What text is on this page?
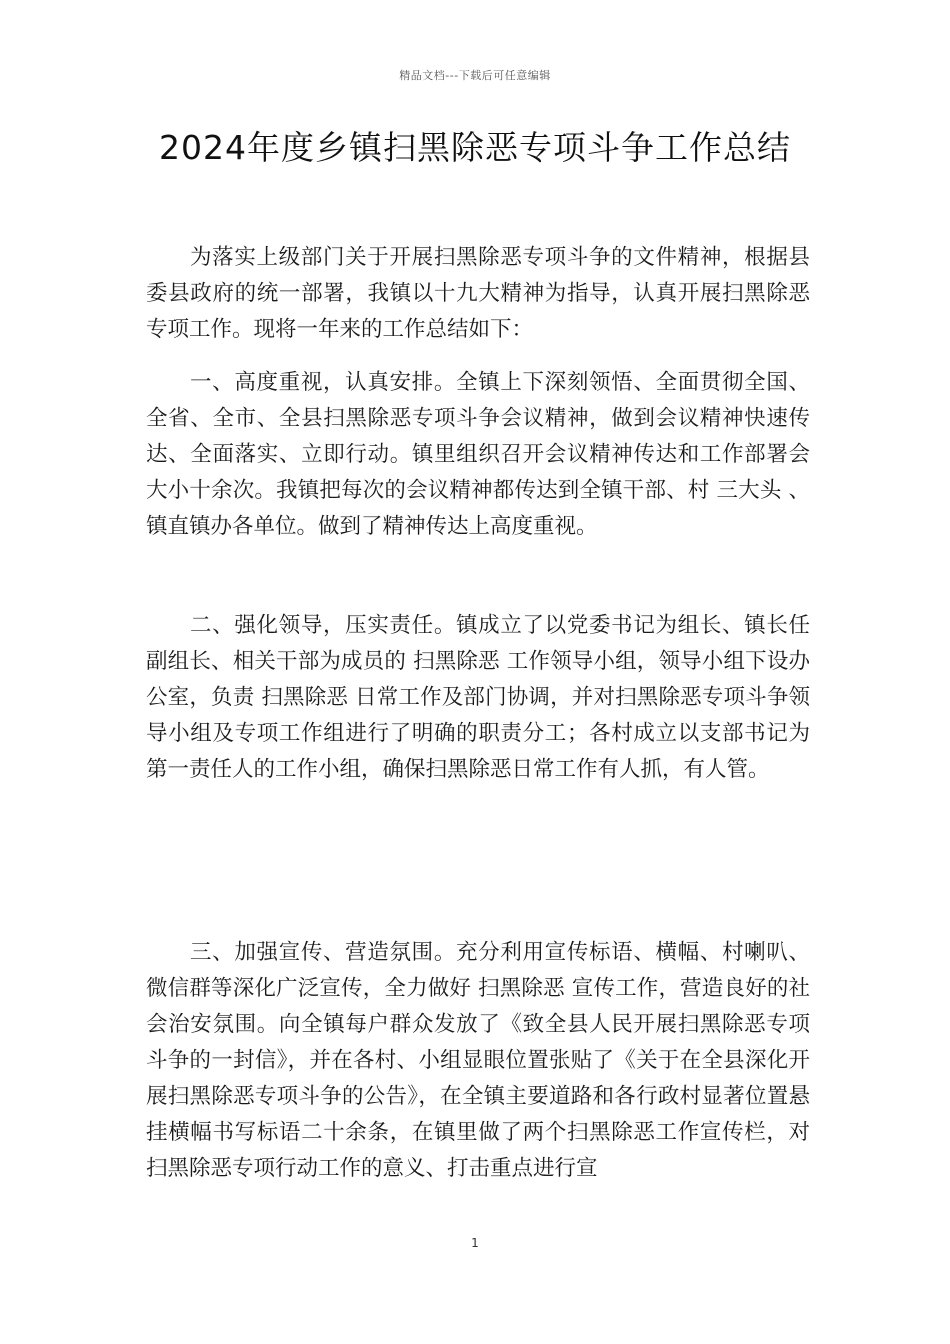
精品文档---下载后可任意编辑
2024年度乡镇扫黑除恶专项斗争工作总结

为落实上级部门关于开展扫黑除恶专项斗争的文件精神，根据县委县政府的统一部署，我镇以十九大精神为指导，认真开展扫黑除恶专项工作。现将一年来的工作总结如下：

一、高度重视，认真安排。全镇上下深刻领悟、全面贯彻全国、全省、全市、全县扫黑除恶专项斗争会议精神，做到会议精神快速传达、全面落实、立即行动。镇里组织召开会议精神传达和工作部署会大小十余次。我镇把每次的会议精神都传达到全镇干部、村 三大头 、镇直镇办各单位。做到了精神传达上高度重视。

二、强化领导，压实责任。镇成立了以党委书记为组长、镇长任副组长、相关干部为成员的 扫黑除恶 工作领导小组，领导小组下设办公室，负责 扫黑除恶 日常工作及部门协调，并对扫黑除恶专项斗争领导小组及专项工作组进行了明确的职责分工；各村成立以支部书记为第一责任人的工作小组，确保扫黑除恶日常工作有人抓，有人管。

三、加强宣传、营造氛围。充分利用宣传标语、横幅、村喇叭、微信群等深化广泛宣传，全力做好 扫黑除恶 宣传工作，营造良好的社会治安氛围。向全镇每户群众发放了《致全县人民开展扫黑除恶专项斗争的一封信》，并在各村、小组显眼位置张贴了《关于在全县深化开展扫黑除恶专项斗争的公告》，在全镇主要道路和各行政村显著位置悬挂横幅书写标语二十余条，在镇里做了两个扫黑除恶工作宣传栏，对扫黑除恶专项行动工作的意义、打击重点进行宣

1
